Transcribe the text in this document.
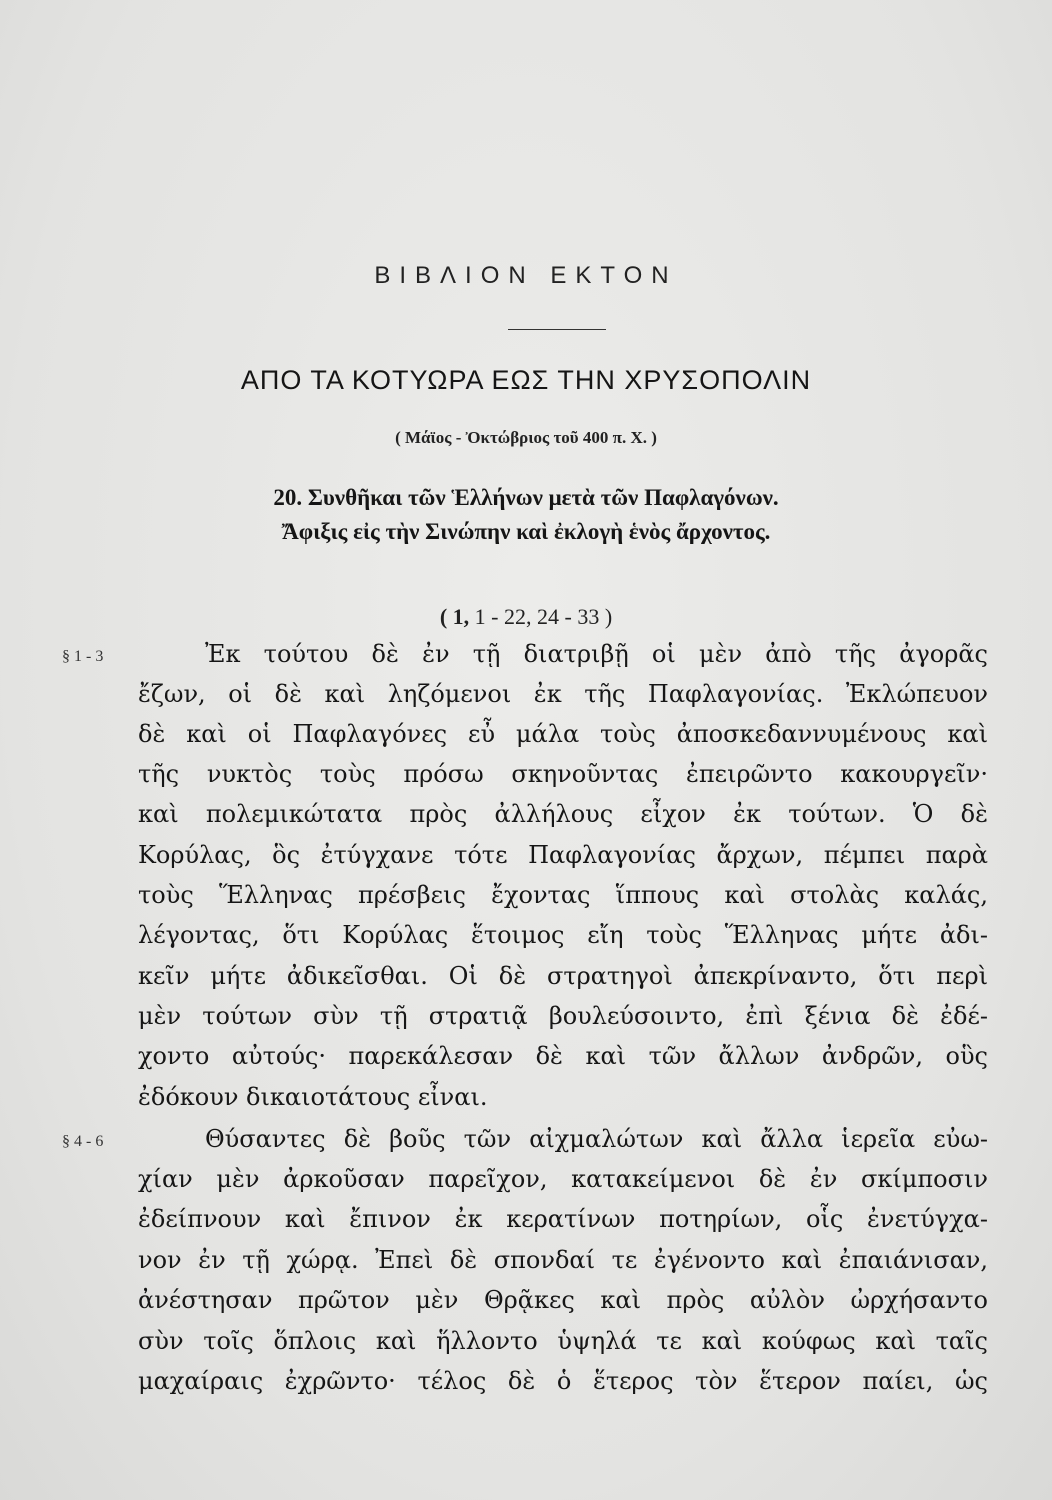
ΒΙΒΛΙΟΝ ΕΚΤΟΝ
ΑΠΟ ΤΑ ΚΟΤΥΩΡΑ ΕΩΣ ΤΗΝ ΧΡΥΣΟΠΟΛΙΝ
( Μάϊος - Ὀκτώβριος τοῦ 400 π. Χ. )
20. Συνθῆκαι τῶν Ἑλλήνων μετὰ τῶν Παφλαγόνων.
Ἄφιξις εἰς τὴν Σινώπην καὶ ἐκλογὴ ἑνὸς ἄρχοντος.
( 1, 1 - 22, 24 - 33 )
§ 1 - 3
§ 4 - 6
Ἐκ τούτου δὲ ἐν τῇ διατριβῇ οἱ μὲν ἀπὸ τῆς ἀγορᾶς
ἔζων, οἱ δὲ καὶ ληζόμενοι ἐκ τῆς Παφλαγονίας. Ἐκλώπευον
δὲ καὶ οἱ Παφλαγόνες εὖ μάλα τοὺς ἀποσκεδαννυμένους καὶ
τῆς νυκτὸς τοὺς πρόσω σκηνοῦντας ἐπειρῶντο κακουργεῖν·
καὶ πολεμικώτατα πρὸς ἀλλήλους εἶχον ἐκ τούτων. Ὁ δὲ
Κορύλας, ὃς ἐτύγχανε τότε Παφλαγονίας ἄρχων, πέμπει παρὰ
τοὺς Ἕλληνας πρέσβεις ἔχοντας ἵππους καὶ στολὰς καλάς,
λέγοντας, ὅτι Κορύλας ἕτοιμος εἴη τοὺς Ἕλληνας μήτε ἀδι-
κεῖν μήτε ἀδικεῖσθαι. Οἱ δὲ στρατηγοὶ ἀπεκρίναντο, ὅτι περὶ
μὲν τούτων σὺν τῇ στρατιᾷ βουλεύσοιντο, ἐπὶ ξένια δὲ ἐδέ-
χοντο αὐτούς· παρεκάλεσαν δὲ καὶ τῶν ἄλλων ἀνδρῶν, οὓς
ἐδόκουν δικαιοτάτους εἶναι.
Θύσαντες δὲ βοῦς τῶν αἰχμαλώτων καὶ ἄλλα ἱερεῖα εὐω-
χίαν μὲν ἀρκοῦσαν παρεῖχον, κατακείμενοι δὲ ἐν σκίμποσιν
ἐδείπνουν καὶ ἔπινον ἐκ κερατίνων ποτηρίων, οἷς ἐνετύγχα-
νον ἐν τῇ χώρᾳ. Ἐπεὶ δὲ σπονδαί τε ἐγένοντο καὶ ἐπαιάνισαν,
ἀνέστησαν πρῶτον μὲν Θρᾷκες καὶ πρὸς αὐλὸν ὠρχήσαντο
σὺν τοῖς ὅπλοις καὶ ἥλλοντο ὑψηλά τε καὶ κούφως καὶ ταῖς
μαχαίραις ἐχρῶντο· τέλος δὲ ὁ ἕτερος τὸν ἕτερον παίει, ὡς
